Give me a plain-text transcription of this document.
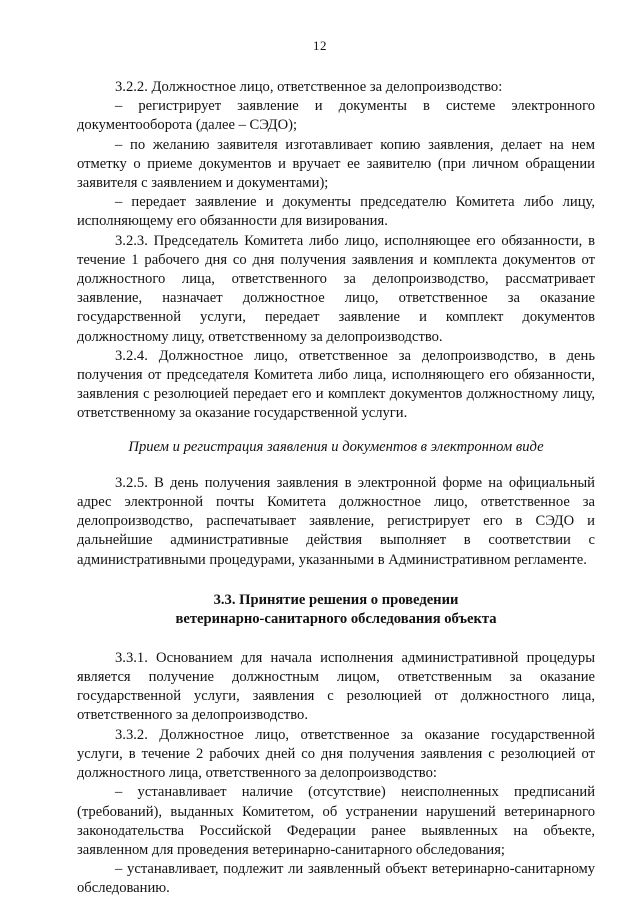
12

3.2.2. Должностное лицо, ответственное за делопроизводство:

– регистрирует заявление и документы в системе электронного документооборота (далее – СЭДО);

– по желанию заявителя изготавливает копию заявления, делает на нем отметку о приеме документов и вручает ее заявителю (при личном обращении заявителя с заявлением и документами);

– передает заявление и документы председателю Комитета либо лицу, исполняющему его обязанности для визирования.

3.2.3. Председатель Комитета либо лицо, исполняющее его обязанности, в течение 1 рабочего дня со дня получения заявления и комплекта документов от должностного лица, ответственного за делопроизводство, рассматривает заявление, назначает должностное лицо, ответственное за оказание государственной услуги, передает заявление и комплект документов должностному лицу, ответственному за делопроизводство.

3.2.4. Должностное лицо, ответственное за делопроизводство, в день получения от председателя Комитета либо лица, исполняющего его обязанности, заявления с резолюцией передает его и комплект документов должностному лицу, ответственному за оказание государственной услуги.

Прием и регистрация заявления и документов в электронном виде

3.2.5. В день получения заявления в электронной форме на официальный адрес электронной почты Комитета должностное лицо, ответственное за делопроизводство, распечатывает заявление, регистрирует его в СЭДО и дальнейшие административные действия выполняет в соответствии с административными процедурами, указанными в Административном регламенте.

3.3. Принятие решения о проведении
ветеринарно-санитарного обследования объекта

3.3.1. Основанием для начала исполнения административной процедуры является получение должностным лицом, ответственным за оказание государственной услуги, заявления с резолюцией от должностного лица, ответственного за делопроизводство.

3.3.2. Должностное лицо, ответственное за оказание государственной услуги, в течение 2 рабочих дней со дня получения заявления с резолюцией от должностного лица, ответственного за делопроизводство:

– устанавливает наличие (отсутствие) неисполненных предписаний (требований), выданных Комитетом, об устранении нарушений ветеринарного законодательства Российской Федерации ранее выявленных на объекте, заявленном для проведения ветеринарно-санитарного обследования;

– устанавливает, подлежит ли заявленный объект ветеринарно-санитарному обследованию.
